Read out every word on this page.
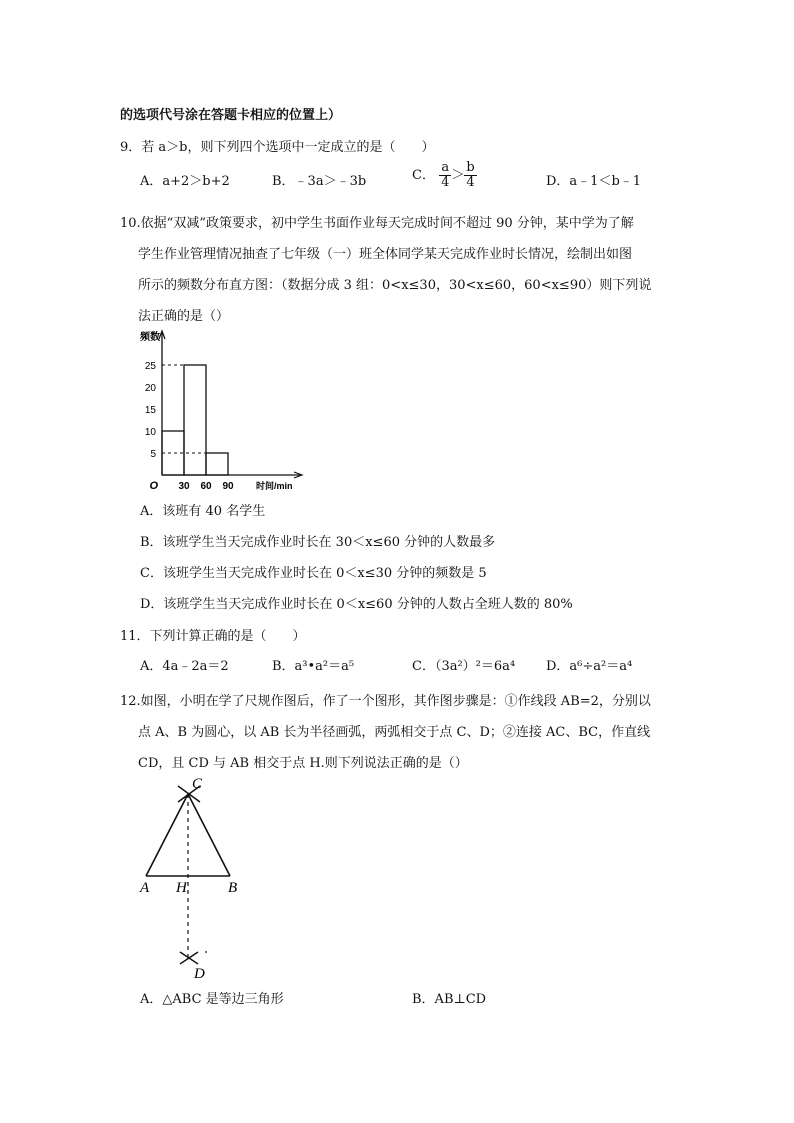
的选项代号涂在答题卡相应的位置上）
9．若 a＞b，则下列四个选项中一定成立的是（　　）
A．a+2＞b+2	B．﹣3a＞﹣3b	C． $\frac{a}{4} > \frac{b}{4}$	D．a﹣1＜b﹣1
10.依据“双减”政策要求，初中学生书面作业每天完成时间不超过 90 分钟，某中学为了解
学生作业管理情况抽查了七年级（一）班全体同学某天完成作业时长情况，绘制出如图
所示的频数分布直方图：（数据分成 3 组：0<x≤30，30<x≤60，60<x≤90）则下列说
法正确的是（）
5
10
15
20
25
30 60 90
O
频数
时间/min
A．该班有 40 名学生
B．该班学生当天完成作业时长在 30＜x≤60 分钟的人数最多
C．该班学生当天完成作业时长在 0＜x≤30 分钟的频数是 5
D．该班学生当天完成作业时长在 0＜x≤60 分钟的人数占全班人数的 80%
11．下列计算正确的是（　　）
A．4a﹣2a＝2	B．a³•a²＝a⁵	C．（3a²）²＝6a⁴ D．a⁶÷a²＝a⁴
12.如图，小明在学了尺规作图后，作了一个图形，其作图步骤是：①作线段 AB=2，分别以
点 A、B 为圆心，以 AB 长为半径画弧，两弧相交于点 C、D；②连接 AC、BC，作直线
CD，且 CD 与 AB 相交于点 H.则下列说法正确的是（）
C
A H	B
D
A．△ABC 是等边三角形	B．AB⊥CD
